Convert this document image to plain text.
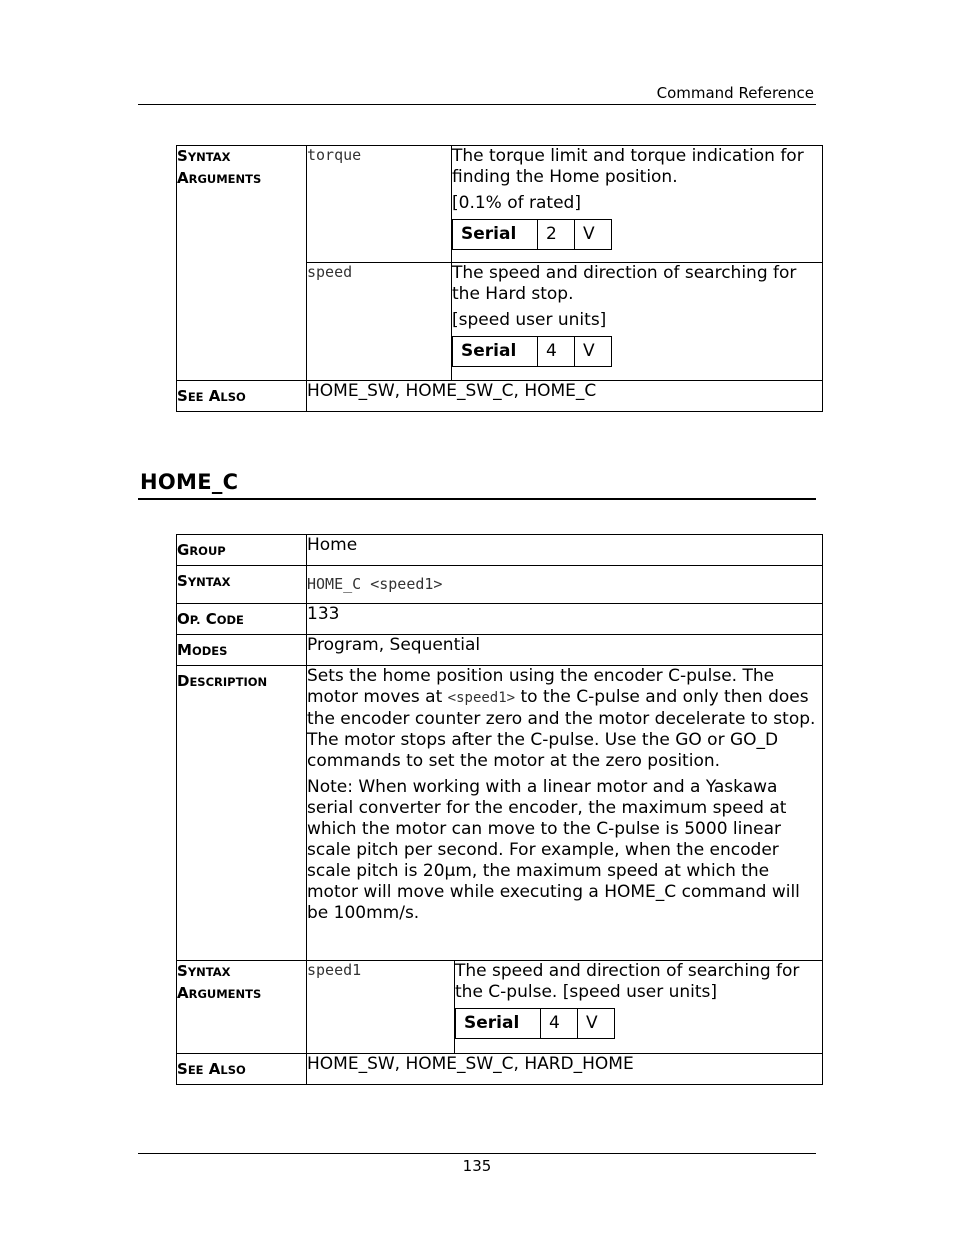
Command Reference
SYNTAX
ARGUMENTS	torque	The torque limit and torque indication for finding the Home position.

[0.1% of rated]

Serial	2	V

speed	The speed and direction of searching for the Hard stop.

[speed user units]

Serial	4	V

SEE ALSO	HOME_SW, HOME_SW_C, HOME_C
HOME_C
GROUP	Home
SYNTAX	HOME_C <speed1>
OP. CODE	133
MODES	Program, Sequential
DESCRIPTION	Sets the home position using the encoder C-pulse. The motor moves at <speed1> to the C-pulse and only then does the encoder counter zero and the motor decelerate to stop. The motor stops after the C-pulse. Use the GO or GO_D commands to set the motor at the zero position.

Note: When working with a linear motor and a Yaskawa serial converter for the encoder, the maximum speed at which the motor can move to the C-pulse is 5000 linear scale pitch per second. For example, when the encoder scale pitch is 20µm, the maximum speed at which the motor will move while executing a HOME_C command will be 100mm/s.

SYNTAX
ARGUMENTS	speed1	The speed and direction of searching for the C-pulse. [speed user units]

Serial	4	V

SEE ALSO	HOME_SW, HOME_SW_C, HARD_HOME
135
